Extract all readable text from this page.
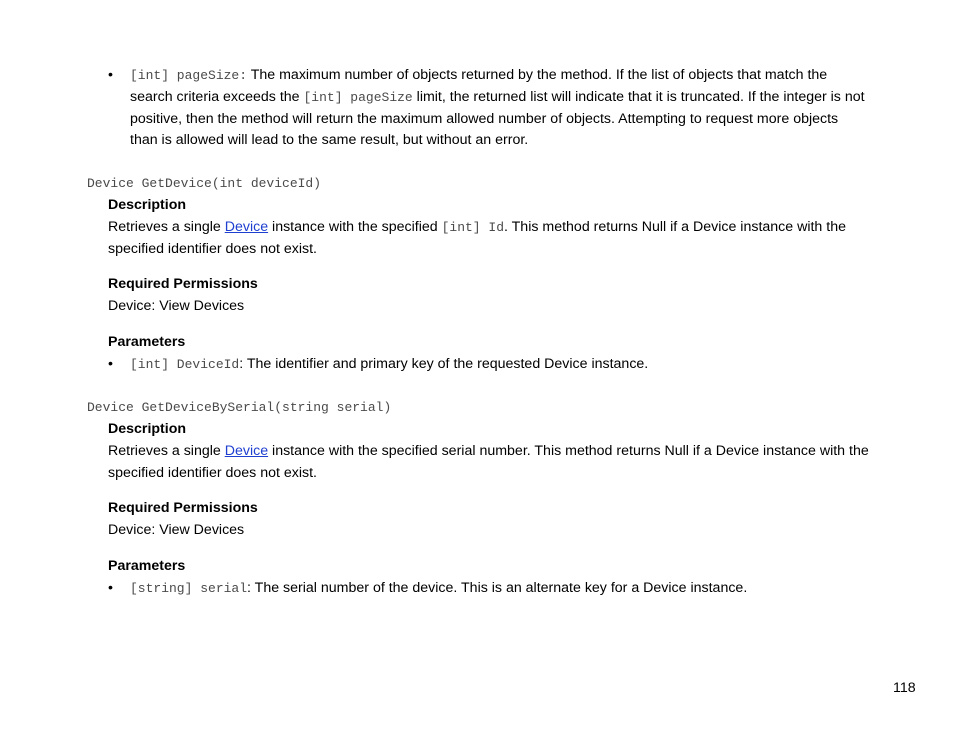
• [int] pageSize: The maximum number of objects returned by the method. If the list of objects that match the search criteria exceeds the [int] pageSize limit, the returned list will indicate that it is truncated. If the integer is not positive, then the method will return the maximum allowed number of objects. Attempting to request more objects than is allowed will lead to the same result, but without an error.
Device GetDevice(int deviceId)
Description

Retrieves a single Device instance with the specified [int] Id. This method returns Null if a Device instance with the specified identifier does not exist.

Required Permissions
Device: View Devices
Parameters
• [int] DeviceId: The identifier and primary key of the requested Device instance.
Device GetDeviceBySerial(string serial)
Description

Retrieves a single Device instance with the specified serial number. This method returns Null if a Device instance with the specified identifier does not exist.

Required Permissions
Device: View Devices
Parameters
• [string] serial: The serial number of the device. This is an alternate key for a Device instance.
118
